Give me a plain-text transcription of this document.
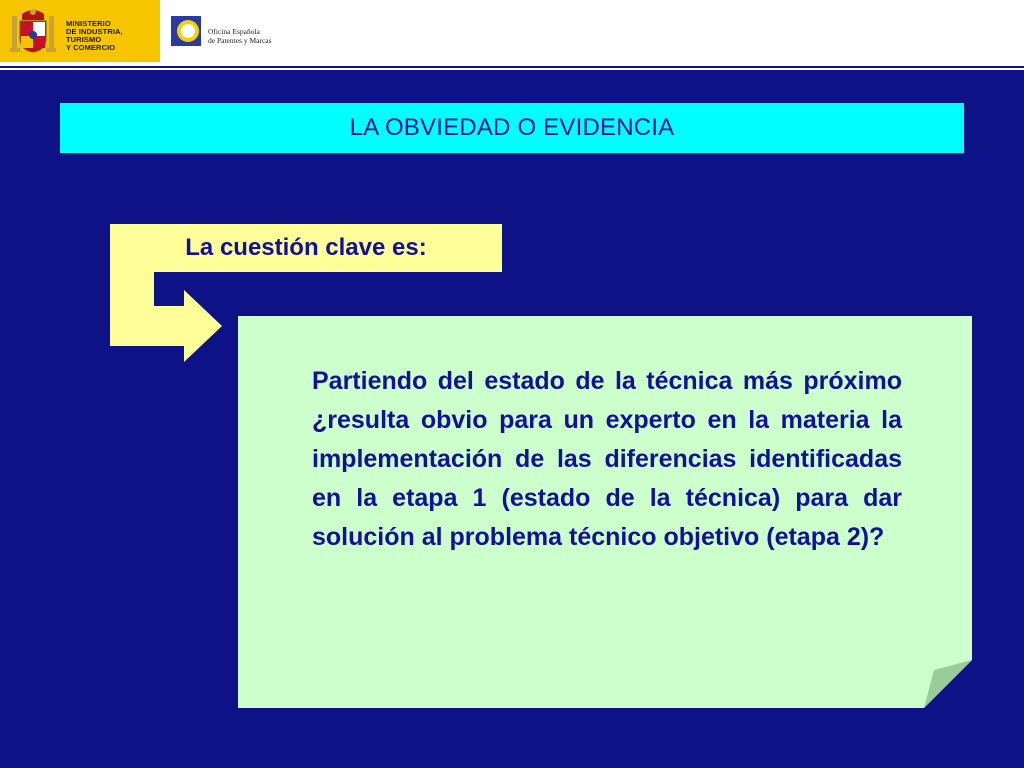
MINISTERIO
DE INDUSTRIA, TURISMO
Y COMERCIO
Oficina Española
de Patentes y Marcas
LA OBVIEDAD O EVIDENCIA
La cuestión clave es:
Partiendo del estado de la técnica más próximo ¿resulta obvio para un experto en la materia la implementación de las diferencias identificadas en la etapa 1 (estado de la técnica) para dar solución al problema técnico objetivo (etapa 2)?
